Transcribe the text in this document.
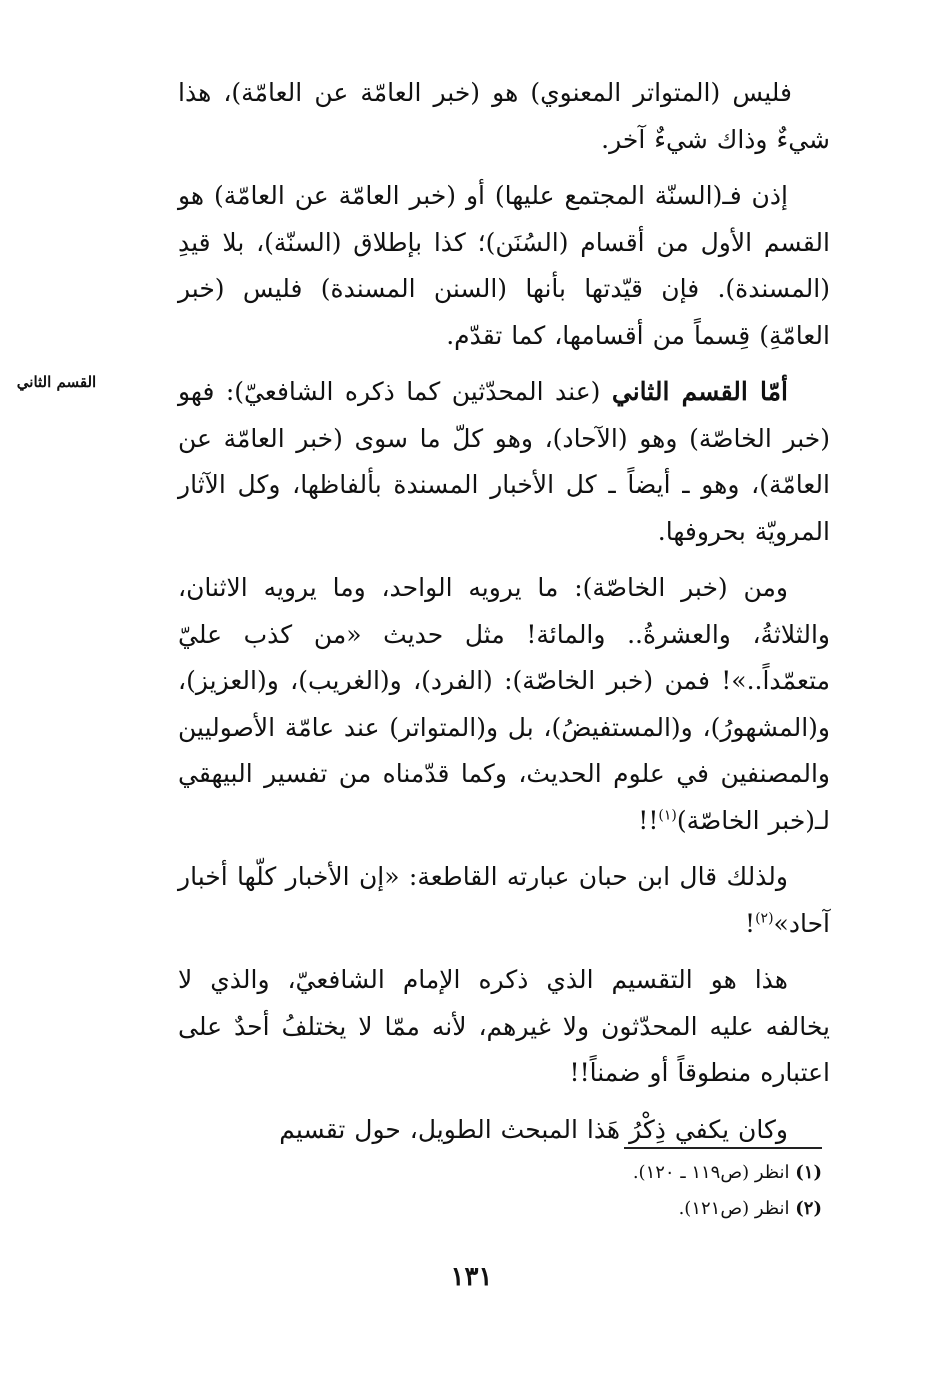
القسم الثاني

فليس (المتواتر المعنوي) هو (خبر العامّة عن العامّة)، هذا شيءٌ وذاك شيءٌ آخر.

إذن فـ(السنّة المجتمع عليها) أو (خبر العامّة عن العامّة) هو القسم الأول من أقسام (السُنَن)؛ كذا بإطلاق (السنّة)، بلا قيدِ (المسندة). فإن قيّدتها بأنها (السنن المسندة) فليس (خبر العامّةِ) قِسماً من أقسامها، كما تقدّم.

أمّا القسم الثاني (عند المحدّثين كما ذكره الشافعيّ): فهو (خبر الخاصّة) وهو (الآحاد)، وهو كلّ ما سوى (خبر العامّة عن العامّة)، وهو ـ أيضاً ـ كل الأخبار المسندة بألفاظها، وكل الآثار المرويّة بحروفها.

ومن (خبر الخاصّة): ما يرويه الواحد، وما يرويه الاثنان، والثلاثةُ، والعشرةُ.. والمائة! مثل حديث «من كذب عليّ متعمّداً..»! فمن (خبر الخاصّة): (الفرد)، و(الغريب)، و(العزيز)، و(المشهورُ)، و(المستفيضُ)، بل و(المتواتر) عند عامّة الأصوليين والمصنفين في علوم الحديث، وكما قدّمناه من تفسير البيهقي لـ(خبر الخاصّة)$^{(١)}$!!

ولذلك قال ابن حبان عبارته القاطعة: «إن الأخبار كلّها أخبار آحاد»$^{(٢)}$!

هذا هو التقسيم الذي ذكره الإمام الشافعيّ، والذي لا يخالفه عليه المحدّثون ولا غيرهم، لأنه ممّا لا يختلفُ أحدٌ على اعتباره منطوقاً أو ضمناً!!

وكان يكفي ذِكْرُ هَذا المبحث الطويل، حول تقسيم

(١) انظر (ص١١٩ ـ ١٢٠).

(٢) انظر (ص١٢١).

١٣١
